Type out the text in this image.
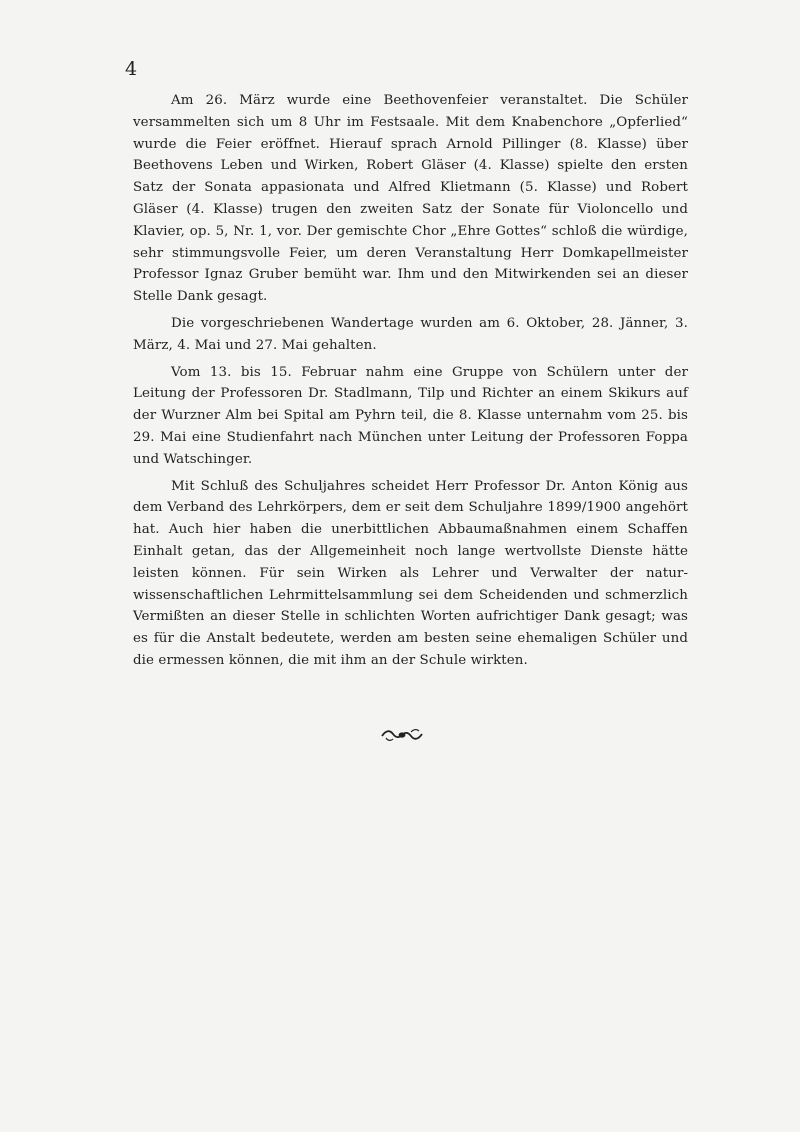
4

Am 26. März wurde eine Beethovenfeier veranstaltet. Die Schüler versammelten sich um 8 Uhr im Festsaale. Mit dem Knabenchore „Opferlied“ wurde die Feier eröffnet. Hierauf sprach Arnold Pillinger (8. Klasse) über Beethovens Leben und Wirken, Robert Gläser (4. Klasse) spielte den ersten Satz der Sonata appasionata und Alfred Klietmann (5. Klasse) und Robert Gläser (4. Klasse) trugen den zweiten Satz der Sonate für Violoncello und Klavier, op. 5, Nr. 1, vor. Der gemischte Chor „Ehre Gottes“ schloß die würdige, sehr stimmungsvolle Feier, um deren Veranstaltung Herr Domkapellmeister Professor Ignaz Gruber bemüht war. Ihm und den Mitwirkenden sei an dieser Stelle Dank gesagt.

Die vorgeschriebenen Wandertage wurden am 6. Oktober, 28. Jänner, 3. März, 4. Mai und 27. Mai gehalten.

Vom 13. bis 15. Februar nahm eine Gruppe von Schülern unter der Leitung der Professoren Dr. Stadlmann, Tilp und Richter an einem Skikurs auf der Wurzner Alm bei Spital am Pyhrn teil, die 8. Klasse unternahm vom 25. bis 29. Mai eine Studienfahrt nach München unter Leitung der Professoren Foppa und Watschinger.

Mit Schluß des Schuljahres scheidet Herr Professor Dr. Anton König aus dem Verband des Lehrkörpers, dem er seit dem Schuljahre 1899/1900 angehört hat. Auch hier haben die unerbittlichen Abbaumaßnahmen einem Schaffen Einhalt getan, das der Allgemeinheit noch lange wertvollste Dienste hätte leisten können. Für sein Wirken als Lehrer und Verwalter der naturwissenschaftlichen Lehrmittelsammlung sei dem Scheidenden und schmerzlich Vermißten an dieser Stelle in schlichten Worten aufrichtiger Dank gesagt; was es für die Anstalt bedeutete, werden am besten seine ehemaligen Schüler und die ermessen können, die mit ihm an der Schule wirkten.
